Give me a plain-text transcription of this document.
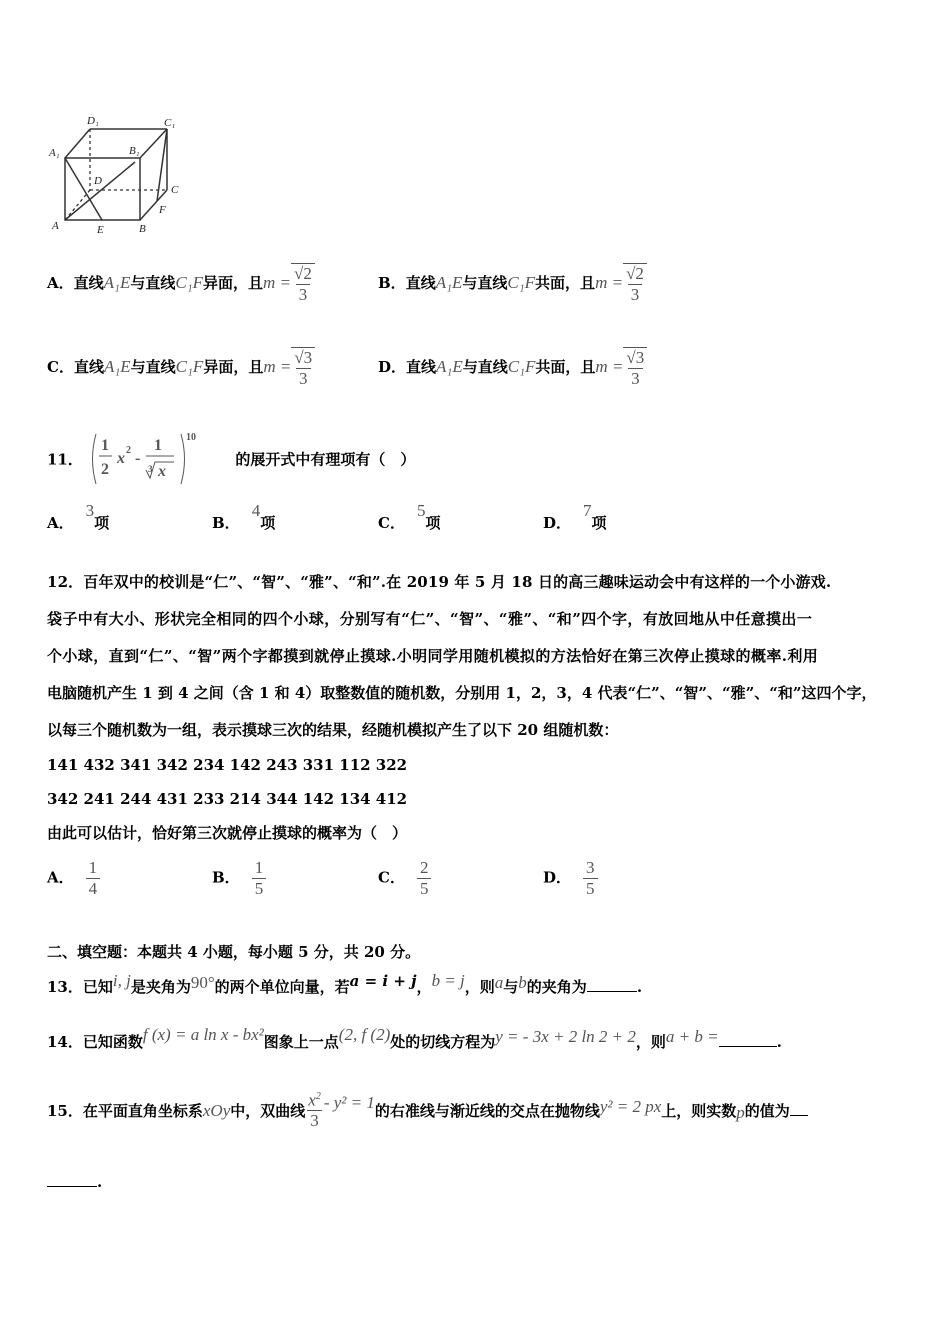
D₁	C₁
A₁	B₁
D
C
A	E	B
F
A．直线A₁E与直线C₁F异面，且$m = \frac{√2}{3}$	B．直线A₁E与直线C₁F共面，且$m = \frac{√2}{3}$
C．直线A₁E与直线C₁F异面，且$m = \frac{√3}{3}$	D．直线A₁E与直线C₁F共面，且$m = \frac{√3}{3}$
11．
1
2
x 2 -
1
3 x
10
的展开式中有理项有（　）
A．3项	B．4项	C．5项	D．7项
12．百年双中的校训是“仁”、“智”、“雅”、“和”.在 2019 年 5 月 18 日的高三趣味运动会中有这样的一个小游戏.
袋子中有大小、形状完全相同的四个小球，分别写有“仁”、“智”、“雅”、“和”四个字，有放回地从中任意摸出一
个小球，直到“仁”、“智”两个字都摸到就停止摸球.小明同学用随机模拟的方法恰好在第三次停止摸球的概率.利用
电脑随机产生 1 到 4 之间（含 1 和 4）取整数值的随机数，分别用 1，2，3，4 代表“仁”、“智”、“雅”、“和”这四个字，
以每三个随机数为一组，表示摸球三次的结果，经随机模拟产生了以下 20 组随机数：
141 432 341 342 234 142 243 331 112 322
342 241 244 431 233 214 344 142 134 412
由此可以估计，恰好第三次就停止摸球的概率为（　）
A． $\frac{1}{4}$	B． $\frac{1}{5}$	C． $\frac{2}{5}$	D． $\frac{3}{5}$
二、填空题：本题共 4 小题，每小题 5 分，共 20 分。
13．已知i, j是夹角为90°的两个单位向量，若a = i + j，b = j，则a与b的夹角为	.
14．已知函数f (x) = a ln x - bx²图象上一点(2, f (2)处的切线方程为y = - 3x + 2 ln 2 + 2，则a + b =	.
15．在平面直角坐标系xOy中，双曲线 $\frac{x^2}{3} - y^2 = 1$的右准线与渐近线的交点在抛物线y² = 2 px上，则实数p的值为
.
